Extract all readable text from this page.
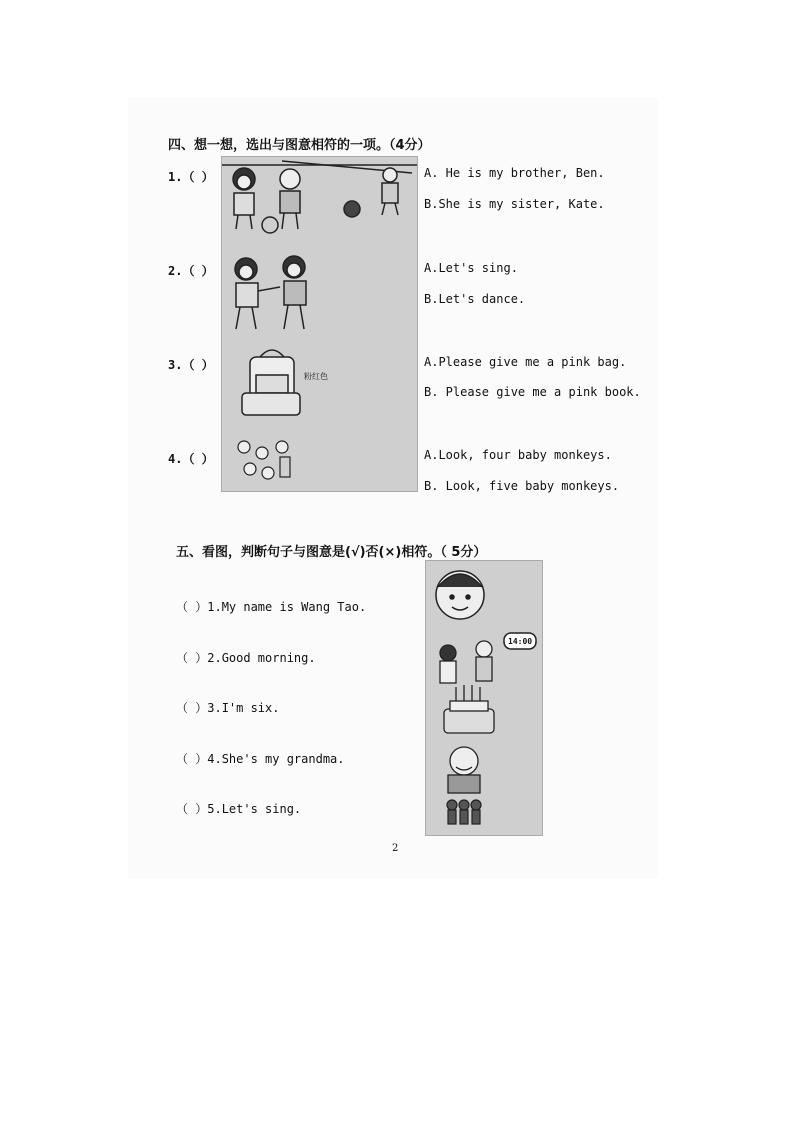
四、想一想，选出与图意相符的一项。（4分）
粉红色
1.（ ）	A. He is my brother, Ben.
B.She is my sister, Kate.
2.（ ）	A.Let's sing.
B.Let's dance.
3.（ ）	A.Please give me a pink bag.
B. Please give me a pink book.
4.（ ）	A.Look, four baby monkeys.
B. Look, five baby monkeys.
五、看图，判断句子与图意是(√)否(×)相符。（ 5分）
（ ）1.My name is Wang Tao.
（ ）2.Good morning.
（ ）3.I'm six.
（ ）4.She's my grandma.
（ ）5.Let's sing.
14:00
2
